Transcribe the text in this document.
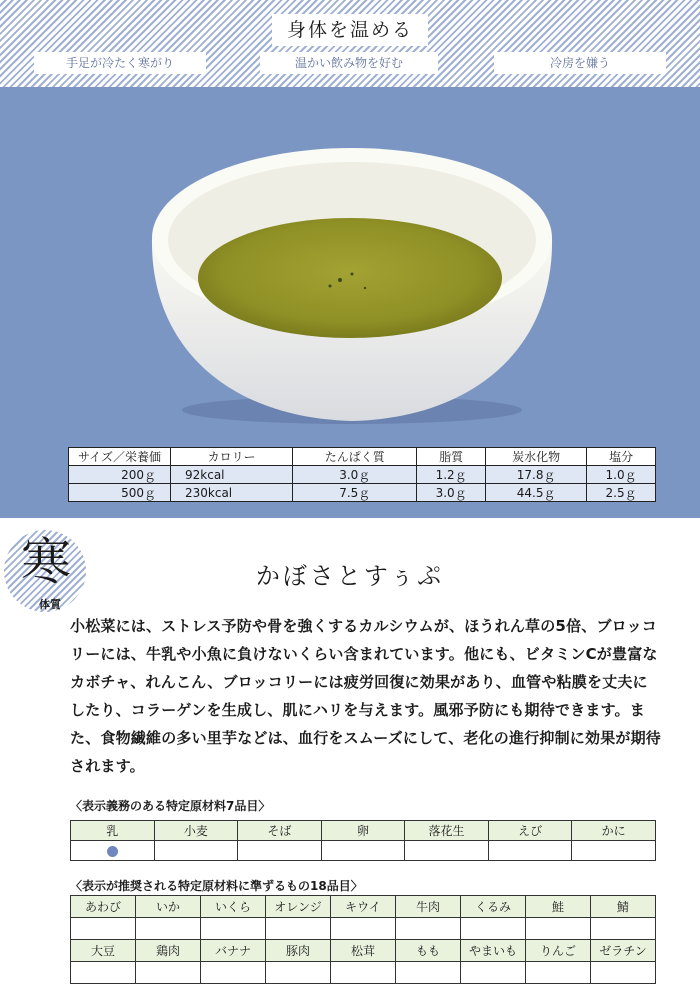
身体を温める
手足が冷たく寒がり	温かい飲み物を好む	冷房を嫌う
サイズ／栄養価	カロリー	たんぱく質	脂質	炭水化物	塩分
200ｇ	92kcal	3.0ｇ	1.2ｇ	17.8ｇ	1.0ｇ
500ｇ	230kcal	7.5ｇ	3.0ｇ	44.5ｇ	2.5ｇ
寒
体質
かぼさとすぅぷ
小松菜には、ストレス予防や骨を強くするカルシウムが、ほうれん草の5倍、ブロッコリーには、牛乳や小魚に負けないくらい含まれています。他にも、ビタミンCが豊富なカボチャ、れんこん、ブロッコリーには疲労回復に効果があり、血管や粘膜を丈夫にしたり、コラーゲンを生成し、肌にハリを与えます。風邪予防にも期待できます。また、食物繊維の多い里芋などは、血行をスムーズにして、老化の進行抑制に効果が期待されます。
〈表示義務のある特定原材料7品目〉
乳	小麦	そば	卵	落花生	えび	かに

〈表示が推奨される特定原材料に準ずるもの18品目〉
あわび	いか	いくら	オレンジ	キウイ	牛肉	くるみ	鮭	鯖

大豆	鶏肉	バナナ	豚肉	松茸	もも	やまいも	りんご	ゼラチン
